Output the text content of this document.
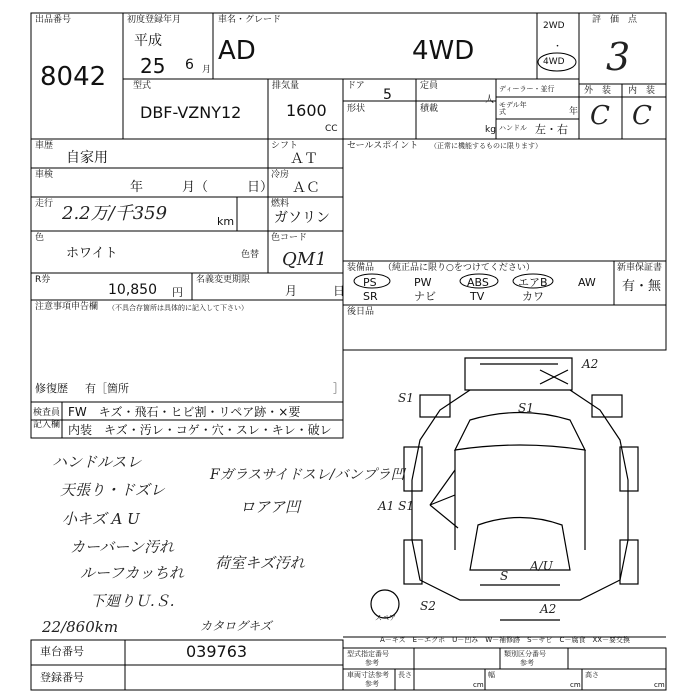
出品番号
8042
初度登録年月
平成
25 6 月
車名・グレード
AD	4WD
2WD
・
4WD
評　価　点
3
型式
DBF-VZNY12
排気量
1600
CC
ドア
5
定員
人
形状	積載
kg
ディーラー・並行
モデル年式	年
ハンドル 左・右
外　装 内　装
C C
車歴
自家用
シフト
ＡＴ
車検
年　　　月（　　　日）
冷房
ＡＣ
走行 2.2万/千359	km
燃料
ガソリン
色
ホワイト	色替
色コード
QM1
R券
10,850 円
名義変更期限
月　　　日
注意事項申告欄 （不具合存箇所は具体的に記入して下さい）
修復歴 有［箇所	］
セールスポイント （正常に機能するものに限ります）
装備品 （純正品に限り○をつけてください）
PS	PW	ABS	エアB	AW
SR	ナビ	TV	カワ
新車保証書
有・無
後日品
検査員記入欄
FW　キズ・飛石・ヒビ割・リペア跡・×要
内装　キズ・汚レ・コゲ・穴・スレ・キレ・破レ
ハンドルスレ
天張り・ドズレ
小キズ A U
カーバーン汚れ
ルーフカッちれ
下廻りＵ.Ｓ.
22/860km
Fガラスサイドスレ/バンプラ凹
ロアア凹
荷室キズ汚れ
カタログキズ
A2
S1
S1
A1 S1
S
A/U
S2	A2
スペア
A－キズ　E－エクボ　U－凹み　W－補修跡　S－サビ　C－腐食　XX－要交換
車台番号	039763
登録番号
型式指定番号
参考
類別区分番号
参考
車両寸法参考
参考
長さ
cm
幅
cm
高さ
cm
